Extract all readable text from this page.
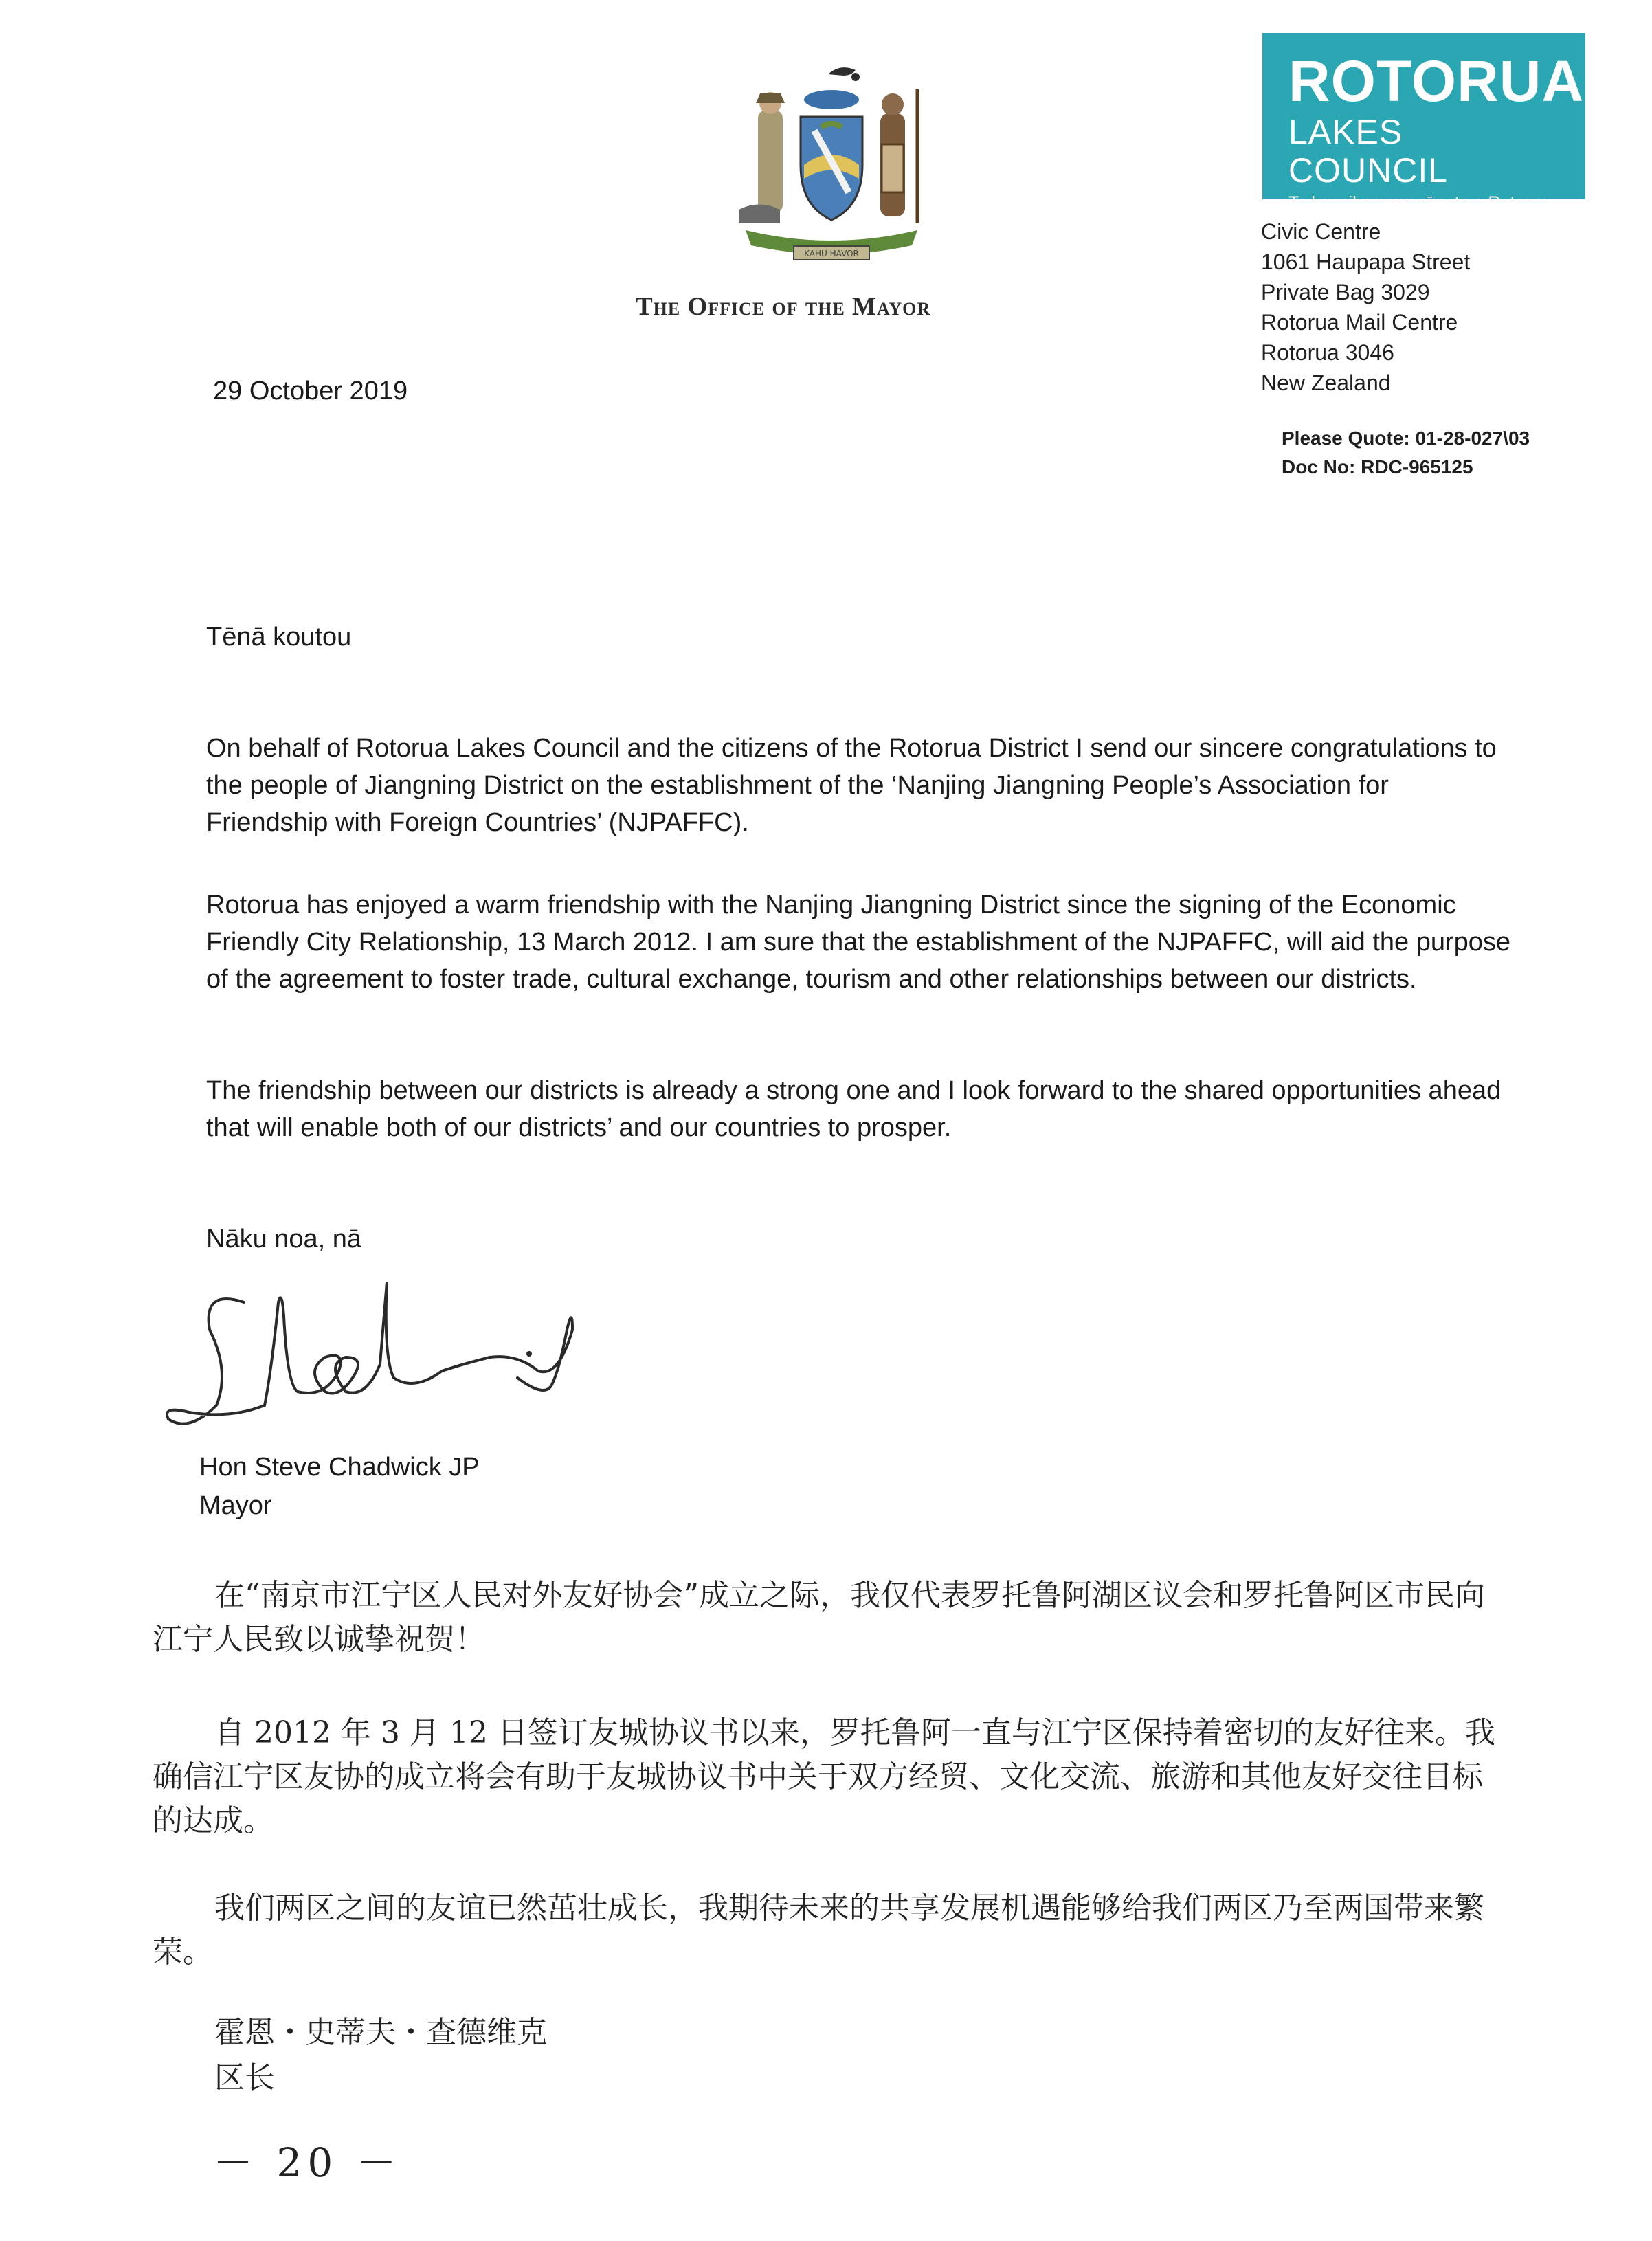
KAHU HAVOR
The Office of the Mayor
ROTORUA
LAKES COUNCIL
Te kaunihera o ngā roto o Rotorua
Civic Centre
1061 Haupapa Street
Private Bag 3029
Rotorua Mail Centre
Rotorua 3046
New Zealand
Please Quote: 01-28-027\03
Doc No: RDC-965125
29 October 2019
Tēnā koutou
On behalf of Rotorua Lakes Council and the citizens of the Rotorua District I send our sincere congratulations to the people of Jiangning District on the establishment of the ‘Nanjing Jiangning People’s Association for Friendship with Foreign Countries’ (NJPAFFC).
Rotorua has enjoyed a warm friendship with the Nanjing Jiangning District since the signing of the Economic Friendly City Relationship, 13 March 2012. I am sure that the establishment of the NJPAFFC, will aid the purpose of the agreement to foster trade, cultural exchange, tourism and other relationships between our districts.
The friendship between our districts is already a strong one and I look forward to the shared opportunities ahead that will enable both of our districts’ and our countries to prosper.
Nāku noa, nā
Hon Steve Chadwick JP
Mayor
在“南京市江宁区人民对外友好协会”成立之际，我仅代表罗托鲁阿湖区议会和罗托鲁阿区市民向江宁人民致以诚挚祝贺！
自 2012 年 3 月 12 日签订友城协议书以来，罗托鲁阿一直与江宁区保持着密切的友好往来。我确信江宁区友协的成立将会有助于友城协议书中关于双方经贸、文化交流、旅游和其他友好交往目标的达成。
我们两区之间的友谊已然茁壮成长，我期待未来的共享发展机遇能够给我们两区乃至两国带来繁荣。
霍恩・史蒂夫・查德维克
区长
－ 20 －
